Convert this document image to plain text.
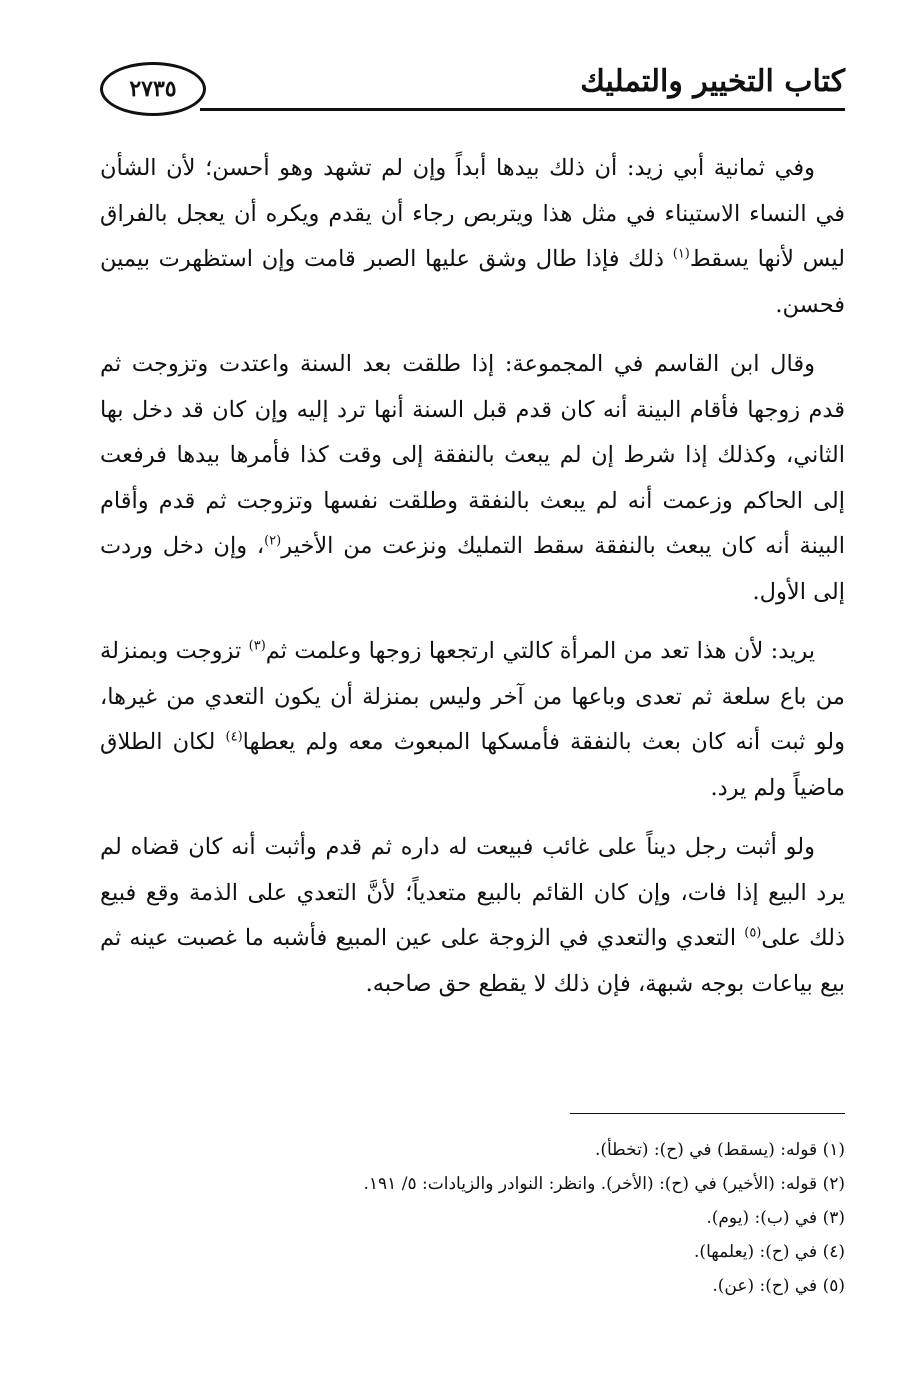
٢٧٣٥	كتاب التخيير والتمليك

وفي ثمانية أبي زيد: أن ذلك بيدها أبداً وإن لم تشهد وهو أحسن؛ لأن الشأن في النساء الاستيناء في مثل هذا ويتربص رجاء أن يقدم ويكره أن يعجل بالفراق ليس لأنها يسقط$^{(١)}$ ذلك فإذا طال وشق عليها الصبر قامت وإن استظهرت بيمين فحسن.

وقال ابن القاسم في المجموعة: إذا طلقت بعد السنة واعتدت وتزوجت ثم قدم زوجها فأقام البينة أنه كان قدم قبل السنة أنها ترد إليه وإن كان قد دخل بها الثاني، وكذلك إذا شرط إن لم يبعث بالنفقة إلى وقت كذا فأمرها بيدها فرفعت إلى الحاكم وزعمت أنه لم يبعث بالنفقة وطلقت نفسها وتزوجت ثم قدم وأقام البينة أنه كان يبعث بالنفقة سقط التمليك ونزعت من الأخير$^{(٢)}$، وإن دخل وردت إلى الأول.

يريد: لأن هذا تعد من المرأة كالتي ارتجعها زوجها وعلمت ثم$^{(٣)}$ تزوجت وبمنزلة من باع سلعة ثم تعدى وباعها من آخر وليس بمنزلة أن يكون التعدي من غيرها، ولو ثبت أنه كان بعث بالنفقة فأمسكها المبعوث معه ولم يعطها$^{(٤)}$ لكان الطلاق ماضياً ولم يرد.

ولو أثبت رجل ديناً على غائب فبيعت له داره ثم قدم وأثبت أنه كان قضاه لم يرد البيع إذا فات، وإن كان القائم بالبيع متعدياً؛ لأنَّ التعدي على الذمة وقع فبيع ذلك على$^{(٥)}$ التعدي والتعدي في الزوجة على عين المبيع فأشبه ما غصبت عينه ثم بيع بياعات بوجه شبهة، فإن ذلك لا يقطع حق صاحبه.

(١) قوله: (يسقط) في (ح): (تخطأ).

(٢) قوله: (الأخير) في (ح): (الأخر). وانظر: النوادر والزيادات: ٥/ ١٩١.

(٣) في (ب): (يوم).

(٤) في (ح): (يعلمها).

(٥) في (ح): (عن).
